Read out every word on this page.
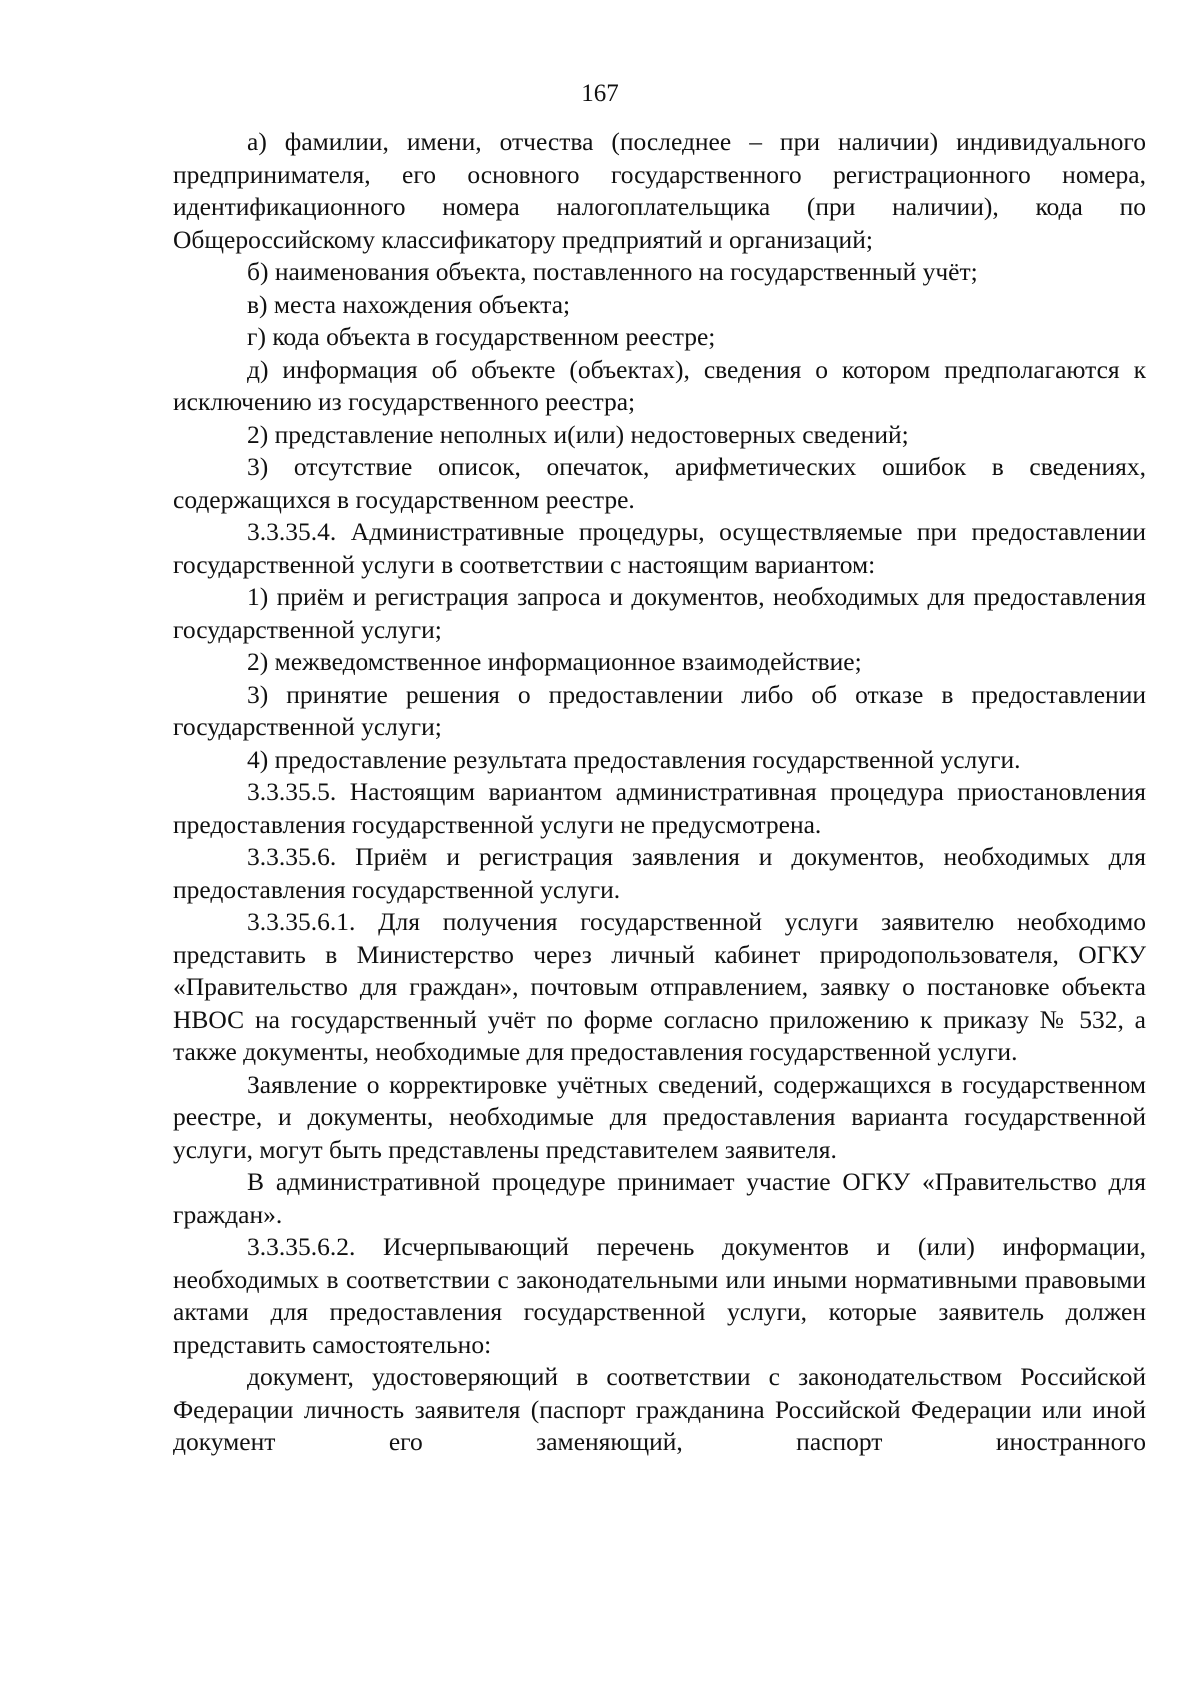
167

а) фамилии, имени, отчества (последнее – при наличии) индивидуального предпринимателя, его основного государственного регистрационного номера, идентификационного номера налогоплательщика (при наличии), кода по Общероссийскому классификатору предприятий и организаций;

б) наименования объекта, поставленного на государственный учёт;

в) места нахождения объекта;

г) кода объекта в государственном реестре;

д) информация об объекте (объектах), сведения о котором предполагаются к исключению из государственного реестра;

2) представление неполных и(или) недостоверных сведений;

3) отсутствие описок, опечаток, арифметических ошибок в сведениях, содержащихся в государственном реестре.

3.3.35.4. Административные процедуры, осуществляемые при предоставлении государственной услуги в соответствии с настоящим вариантом:

1) приём и регистрация запроса и документов, необходимых для предоставления государственной услуги;

2) межведомственное информационное взаимодействие;

3) принятие решения о предоставлении либо об отказе в предоставлении государственной услуги;

4) предоставление результата предоставления государственной услуги.

3.3.35.5. Настоящим вариантом административная процедура приостановления предоставления государственной услуги не предусмотрена.

3.3.35.6. Приём и регистрация заявления и документов, необходимых для предоставления государственной услуги.

3.3.35.6.1. Для получения государственной услуги заявителю необходимо представить в Министерство через личный кабинет природопользователя, ОГКУ «Правительство для граждан», почтовым отправлением, заявку о постановке объекта НВОС на государственный учёт по форме согласно приложению к приказу № 532, а также документы, необходимые для предоставления государственной услуги.

Заявление о корректировке учётных сведений, содержащихся в государственном реестре, и документы, необходимые для предоставления варианта государственной услуги, могут быть представлены представителем заявителя.

В административной процедуре принимает участие ОГКУ «Правительство для граждан».

3.3.35.6.2. Исчерпывающий перечень документов и (или) информации, необходимых в соответствии с законодательными или иными нормативными правовыми актами для предоставления государственной услуги, которые заявитель должен представить самостоятельно:

документ, удостоверяющий в соответствии с законодательством Российской Федерации личность заявителя (паспорт гражданина Российской Федерации или иной документ его заменяющий, паспорт иностранного
